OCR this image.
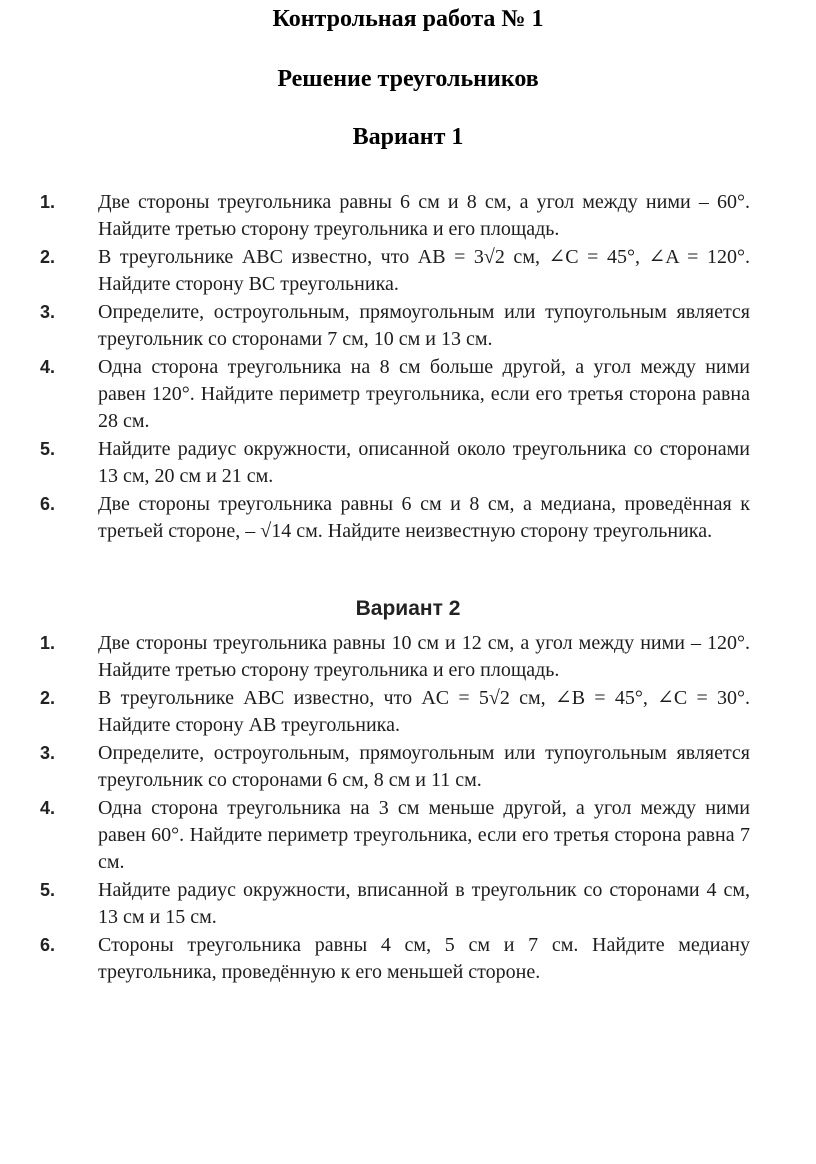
Контрольная работа № 1
Решение треугольников
Вариант 1
1.	Две стороны треугольника равны 6 см и 8 см, а угол между ними – 60°. Найдите третью сторону треугольника и его площадь.
2.	В треугольнике ABC известно, что AB = 3√2 см, ∠C = 45°, ∠A = 120°. Найдите сторону BC треугольника.
3.	Определите, остроугольным, прямоугольным или тупоугольным является треугольник со сторонами 7 см, 10 см и 13 см.
4.	Одна сторона треугольника на 8 см больше другой, а угол между ними равен 120°. Найдите периметр треугольника, если его третья сторона равна 28 см.
5.	Найдите радиус окружности, описанной около треугольника со сторонами 13 см, 20 см и 21 см.
6.	Две стороны треугольника равны 6 см и 8 см, а медиана, проведённая к третьей стороне, – √14 см. Найдите неизвестную сторону треугольника.
Вариант 2
1.	Две стороны треугольника равны 10 см и 12 см, а угол между ними – 120°. Найдите третью сторону треугольника и его площадь.
2.	В треугольнике ABC известно, что AC = 5√2 см, ∠B = 45°, ∠C = 30°. Найдите сторону AB треугольника.
3.	Определите, остроугольным, прямоугольным или тупоугольным является треугольник со сторонами 6 см, 8 см и 11 см.
4.	Одна сторона треугольника на 3 см меньше другой, а угол между ними равен 60°. Найдите периметр треугольника, если его третья сторона равна 7 см.
5.	Найдите радиус окружности, вписанной в треугольник со сторонами 4 см, 13 см и 15 см.
6.	Стороны треугольника равны 4 см, 5 см и 7 см. Найдите медиану треугольника, проведённую к его меньшей стороне.
